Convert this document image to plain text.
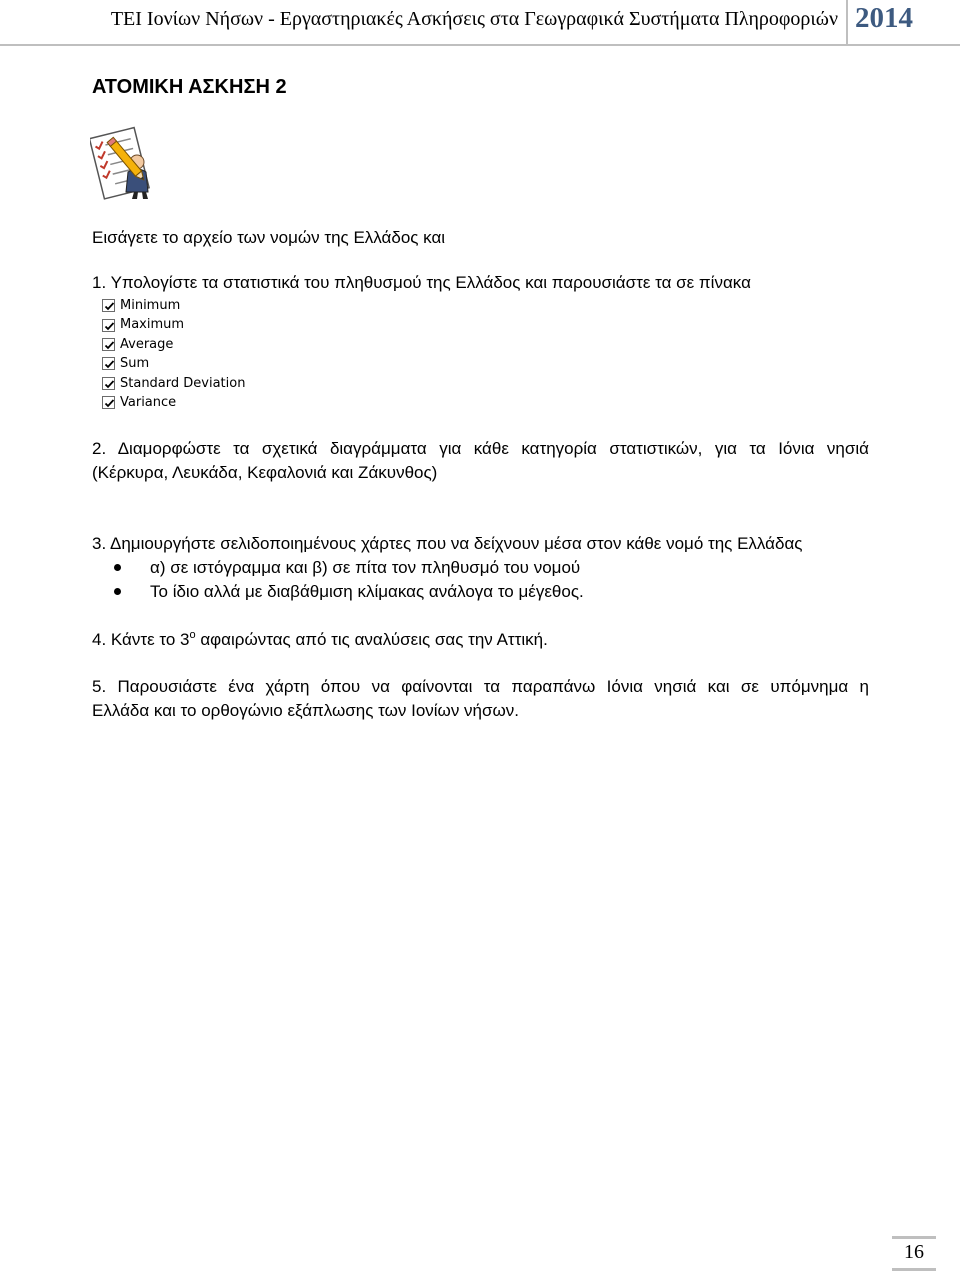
ΤΕΙ Ιονίων Νήσων - Εργαστηριακές Ασκήσεις στα Γεωγραφικά Συστήματα Πληροφοριών 2014
ΑΤΟΜΙΚΗ ΑΣΚΗΣΗ 2
Εισάγετε το αρχείο των νομών της Ελλάδος και
1. Υπολογίστε τα στατιστικά του πληθυσμού της Ελλάδος και παρουσιάστε τα σε πίνακα
Minimum
Maximum
Average
Sum
Standard Deviation
Variance
2. Διαμορφώστε τα σχετικά διαγράμματα για κάθε κατηγορία στατιστικών, για τα Ιόνια νησιά
(Κέρκυρα, Λευκάδα, Κεφαλονιά και Ζάκυνθος)
3. Δημιουργήστε σελιδοποιημένους χάρτες που να δείχνουν μέσα στον κάθε νομό της Ελλάδας
α) σε ιστόγραμμα και β) σε πίτα τον πληθυσμό του νομού
Το ίδιο αλλά με διαβάθμιση κλίμακας ανάλογα το μέγεθος.
4. Κάντε το $3^o$ αφαιρώντας από τις αναλύσεις σας την Αττική.
5. Παρουσιάστε ένα χάρτη όπου να φαίνονται τα παραπάνω Ιόνια νησιά και σε υπόμνημα η
Ελλάδα και το ορθογώνιο εξάπλωσης των Ιονίων νήσων.
16
